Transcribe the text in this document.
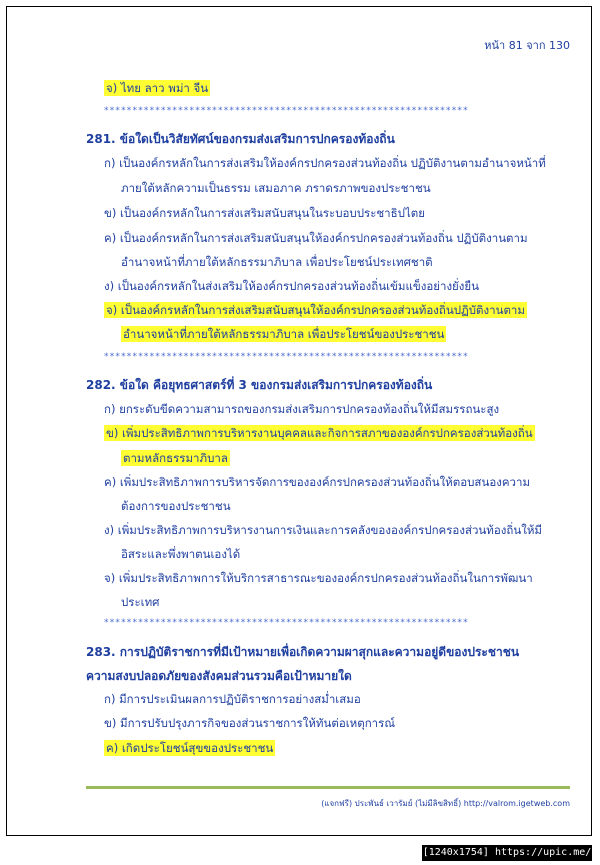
หน้า 81 จาก 130
จ) ไทย ลาว พม่า จีน
****************************************************************
281. ข้อใดเป็นวิสัยทัศน์ของกรมส่งเสริมการปกครองท้องถิ่น
ก) เป็นองค์กรหลักในการส่งเสริมให้องค์กรปกครองส่วนท้องถิ่น ปฏิบัติงานตามอำนาจหน้าที่
ภายใต้หลักความเป็นธรรม เสมอภาค ภราดรภาพของประชาชน
ข) เป็นองค์กรหลักในการส่งเสริมสนับสนุนในระบอบประชาธิปไตย
ค) เป็นองค์กรหลักในการส่งเสริมสนับสนุนให้องค์กรปกครองส่วนท้องถิ่น ปฏิบัติงานตาม
อำนาจหน้าที่ภายใต้หลักธรรมาภิบาล เพื่อประโยชน์ประเทศชาติ
ง) เป็นองค์กรหลักในส่งเสริมให้องค์กรปกครองส่วนท้องถิ่นเข้มแข็งอย่างยั่งยืน
จ) เป็นองค์กรหลักในการส่งเสริมสนับสนุนให้องค์กรปกครองส่วนท้องถิ่นปฏิบัติงานตาม
อำนาจหน้าที่ภายใต้หลักธรรมาภิบาล เพื่อประโยชน์ของประชาชน
****************************************************************
282. ข้อใด คือยุทธศาสตร์ที่ 3 ของกรมส่งเสริมการปกครองท้องถิ่น
ก) ยกระดับขีดความสามารถของกรมส่งเสริมการปกครองท้องถิ่นให้มีสมรรถนะสูง
ข) เพิ่มประสิทธิภาพการบริหารงานบุคคลและกิจการสภาขององค์กรปกครองส่วนท้องถิ่น
ตามหลักธรรมาภิบาล
ค) เพิ่มประสิทธิภาพการบริหารจัดการขององค์กรปกครองส่วนท้องถิ่นให้ตอบสนองความ
ต้องการของประชาชน
ง) เพิ่มประสิทธิภาพการบริหารงานการเงินและการคลังขององค์กรปกครองส่วนท้องถิ่นให้มี
อิสระและพึ่งพาตนเองได้
จ) เพิ่มประสิทธิภาพการให้บริการสาธารณะขององค์กรปกครองส่วนท้องถิ่นในการพัฒนา
ประเทศ
****************************************************************
283. การปฏิบัติราชการที่มีเป้าหมายเพื่อเกิดความผาสุกและความอยู่ดีของประชาชน
ความสงบปลอดภัยของสังคมส่วนรวมคือเป้าหมายใด
ก) มีการประเมินผลการปฏิบัติราชการอย่างสม่ำเสมอ
ข) มีการปรับปรุงภารกิจของส่วนราชการให้ทันต่อเหตุการณ์
ค) เกิดประโยชน์สุขของประชาชน
(แจกฟรี) ประพันธ์ เวารัมย์ (ไม่มีลิขสิทธิ์) http://valrom.igetweb.com
[1240x1754] https://upic.me/
